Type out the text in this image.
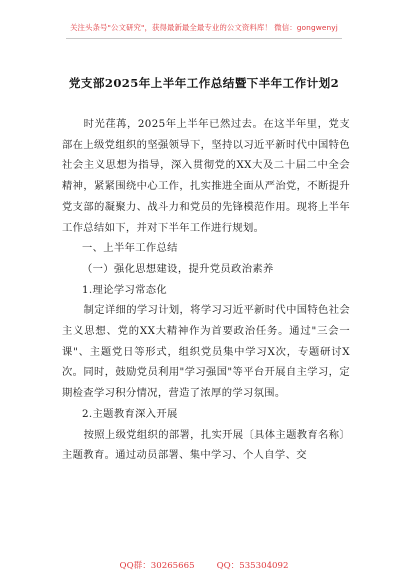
关注头条号"公文研究"，获得最新最全最专业的公文资料库！ 微信：gongwenyj
党支部2025年上半年工作总结暨下半年工作计划2

时光荏苒，2025年上半年已然过去。在这半年里，党支部在上级党组织的坚强领导下，坚持以习近平新时代中国特色社会主义思想为指导，深入贯彻党的XX大及二十届二中全会精神，紧紧围绕中心工作，扎实推进全面从严治党，不断提升党支部的凝聚力、战斗力和党员的先锋模范作用。现将上半年工作总结如下，并对下半年工作进行规划。

一、上半年工作总结

（一）强化思想建设，提升党员政治素养

1.理论学习常态化

制定详细的学习计划，将学习习近平新时代中国特色社会主义思想、党的XX大精神作为首要政治任务。通过"三会一课"、主题党日等形式，组织党员集中学习X次，专题研讨X次。同时，鼓励党员利用"学习强国"等平台开展自主学习，定期检查学习积分情况，营造了浓厚的学习氛围。

2.主题教育深入开展

按照上级党组织的部署，扎实开展〔具体主题教育名称〕主题教育。通过动员部署、集中学习、个人自学、交

QQ群：30265665	QQ：535304092
